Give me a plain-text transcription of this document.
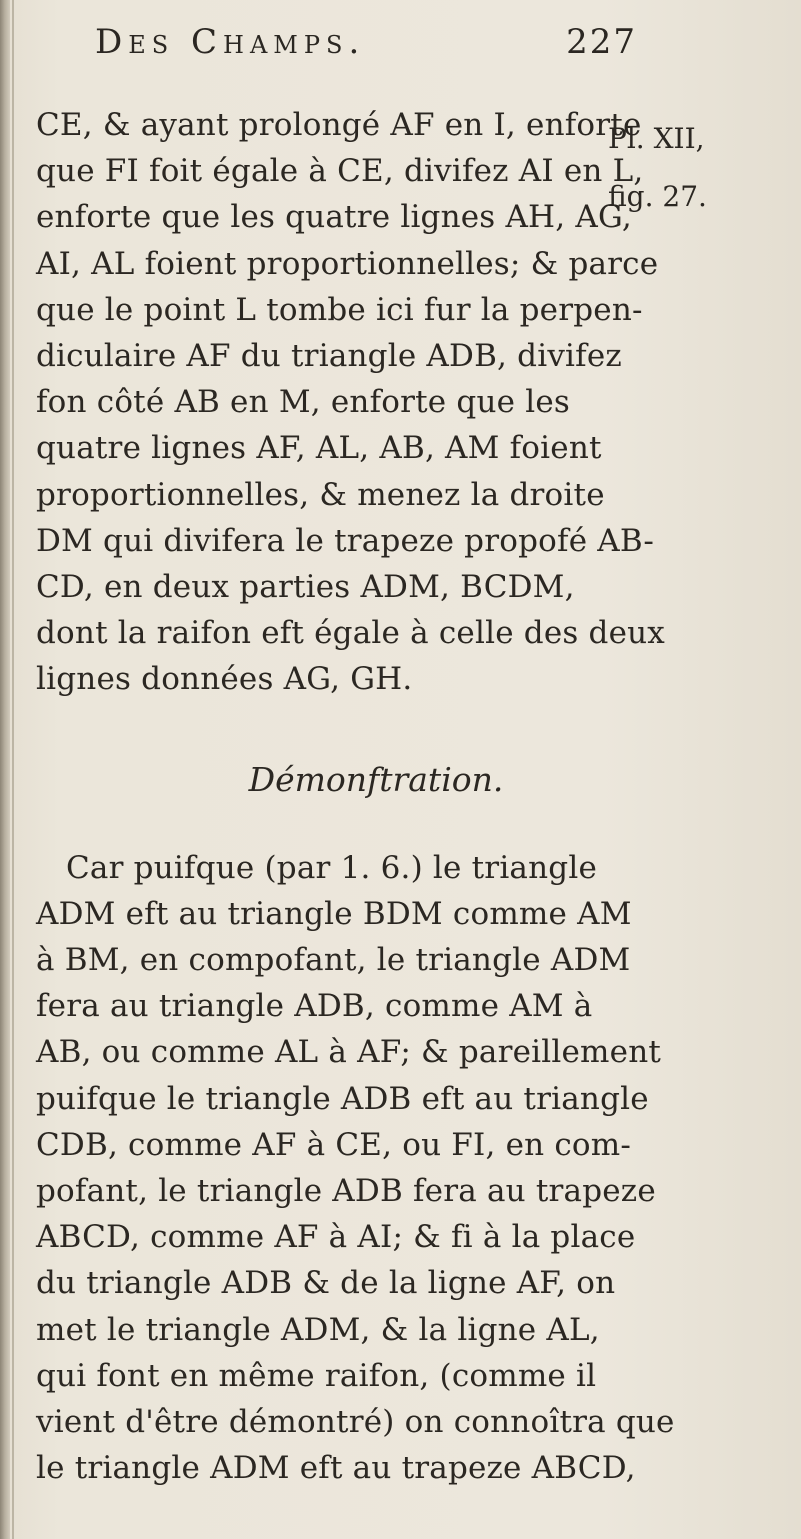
Des Champs.	227
Pl. XII,
fig. 27.
CE, & ayant prolongé AF en I, enforte
que FI foit égale à CE, divifez AI en L,
enforte que les quatre lignes AH, AG,
AI, AL foient proportionnelles; & parce
que le point L tombe ici fur la perpen-
diculaire AF du triangle ADB, divifez
fon côté AB en M, enforte que les
quatre lignes AF, AL, AB, AM foient
proportionnelles, & menez la droite
DM qui divifera le trapeze propofé AB-
CD, en deux parties ADM, BCDM,
dont la raifon eft égale à celle des deux
lignes données AG, GH.
Démonftration.
Car puifque (par 1. 6.) le triangle
ADM eft au triangle BDM comme AM
à BM, en compofant, le triangle ADM
fera au triangle ADB, comme AM à
AB, ou comme AL à AF; & pareillement
puifque le triangle ADB eft au triangle
CDB, comme AF à CE, ou FI, en com-
pofant, le triangle ADB fera au trapeze
ABCD, comme AF à AI; & fi à la place
du triangle ADB & de la ligne AF, on
met le triangle ADM, & la ligne AL,
qui font en même raifon, (comme il
vient d'être démontré) on connoîtra que
le triangle ADM eft au trapeze ABCD,
